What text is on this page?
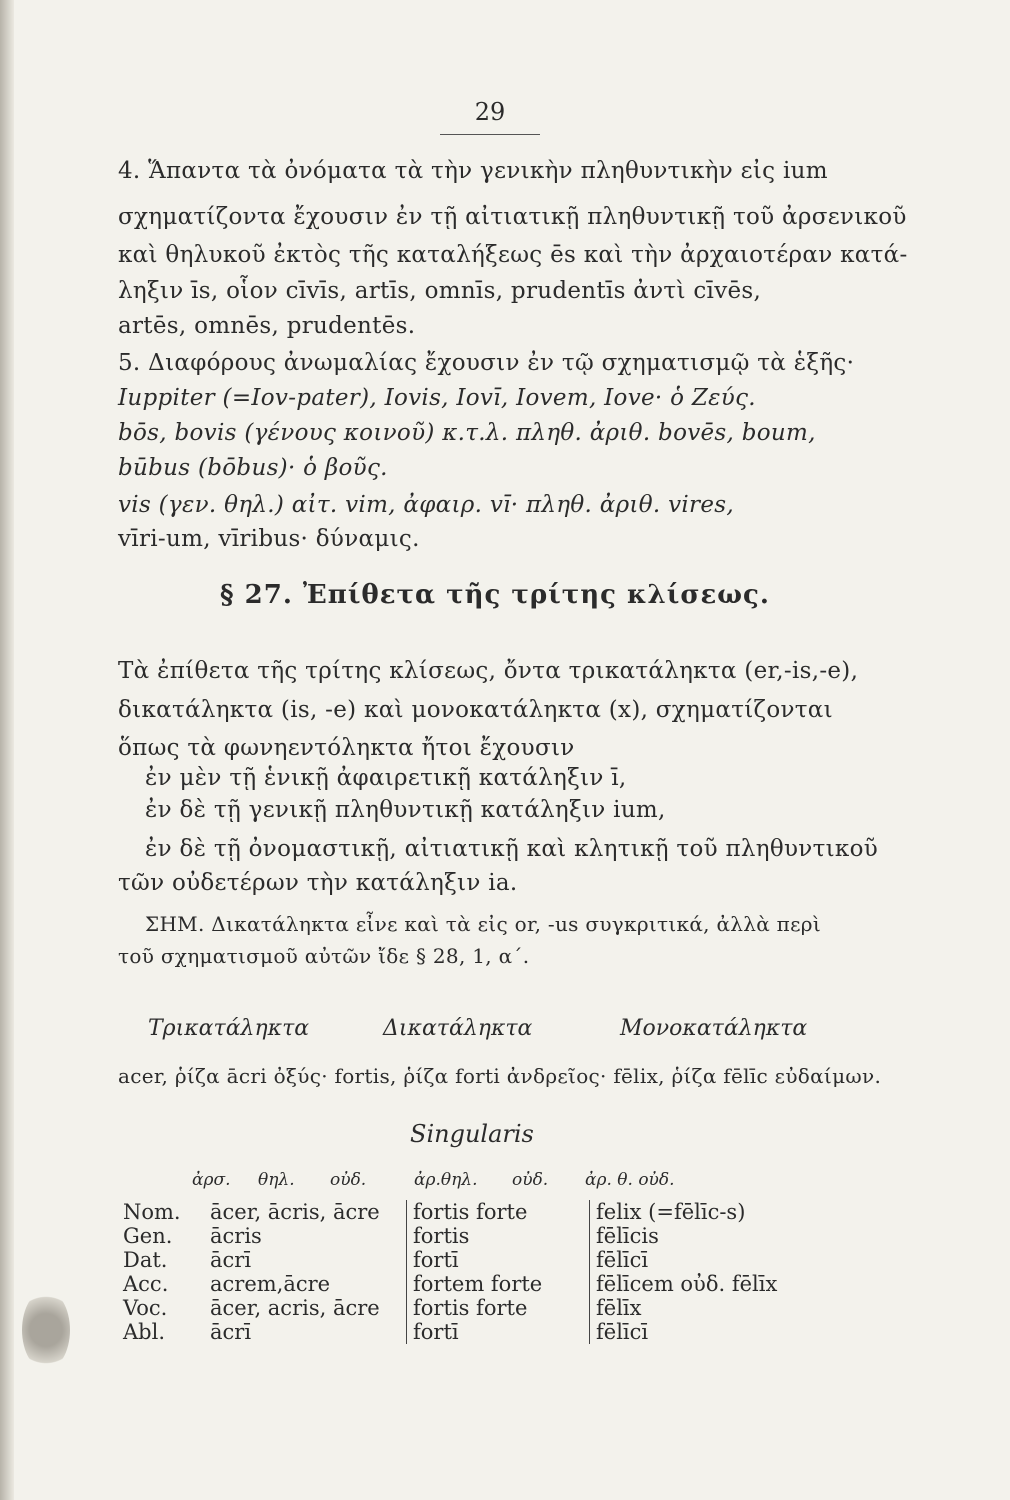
29
4. Ἅπαντα τὰ ὀνόματα τὰ τὴν γενικὴν πληθυντικὴν εἰς ium
σχηματίζοντα ἔχουσιν ἐν τῇ αἰτιατικῇ πληθυντικῇ τοῦ ἀρσενικοῦ
καὶ θηλυκοῦ ἐκτὸς τῆς καταλήξεως ēs καὶ τὴν ἀρχαιοτέραν κατά-
ληξιν īs, οἷον cīvīs, artīs, omnīs, prudentīs ἀντὶ cīvēs,
artēs, omnēs, prudentēs.
5. Διαφόρους ἀνωμαλίας ἔχουσιν ἐν τῷ σχηματισμῷ τὰ ἑξῆς·
Iuppiter (=Iov-pater), Iovis, Iovī, Iovem, Iove· ὁ Ζεύς.
bōs, bovis (γένους κοινοῦ) κ.τ.λ. πληθ. ἀριθ. bovēs, boum,
būbus (bōbus)· ὁ βοῦς.
vis (γεν. θηλ.) αἰτ. vim, ἀφαιρ. vī· πληθ. ἀριθ. vires,
vīri-um, vīribus· δύναμις.
§ 27. Ἐπίθετα τῆς τρίτης κλίσεως.
Τὰ ἐπίθετα τῆς τρίτης κλίσεως, ὄντα τρικατάληκτα (er,-is,-e),
δικατάληκτα (is, -e) καὶ μονοκατάληκτα (x), σχηματίζονται
ὅπως τὰ φωνηεντόληκτα ἤτοι ἔχουσιν
ἐν μὲν τῇ ἑνικῇ ἀφαιρετικῇ κατάληξιν ī,
ἐν δὲ τῇ γενικῇ πληθυντικῇ κατάληξιν ium,
ἐν δὲ τῇ ὀνομαστικῇ, αἰτιατικῇ καὶ κλητικῇ τοῦ πληθυντικοῦ
τῶν οὐδετέρων τὴν κατάληξιν ia.
ΣΗΜ. Δικατάληκτα εἶνε καὶ τὰ εἰς or, -us συγκριτικά, ἀλλὰ περὶ
τοῦ σχηματισμοῦ αὐτῶν ἴδε § 28, 1, α΄.
Τρικατάληκτα	Δικατάληκτα	Μονοκατάληκτα
acer, ῥίζα ācri ὀξύς· fortis, ῥίζα forti ἀνδρεῖος· fēlix, ῥίζα fēlīc εὐδαίμων.
Singularis
ἀρσ. θηλ. οὐδ.	ἀρ.θηλ. οὐδ. ἀρ. θ. οὐδ.
Nom.	ācer, ācris, ācre	fortis forte	felix (=fēlīc-s)
Gen.	ācris	fortis	fēlīcis
Dat.	ācrī	fortī	fēlīcī
Acc.	acrem,ācre	fortem forte	fēlīcem οὐδ. fēlīx
Voc.	ācer, acris, ācre	fortis forte	fēlīx
Abl.	ācrī	fortī	fēlīcī
